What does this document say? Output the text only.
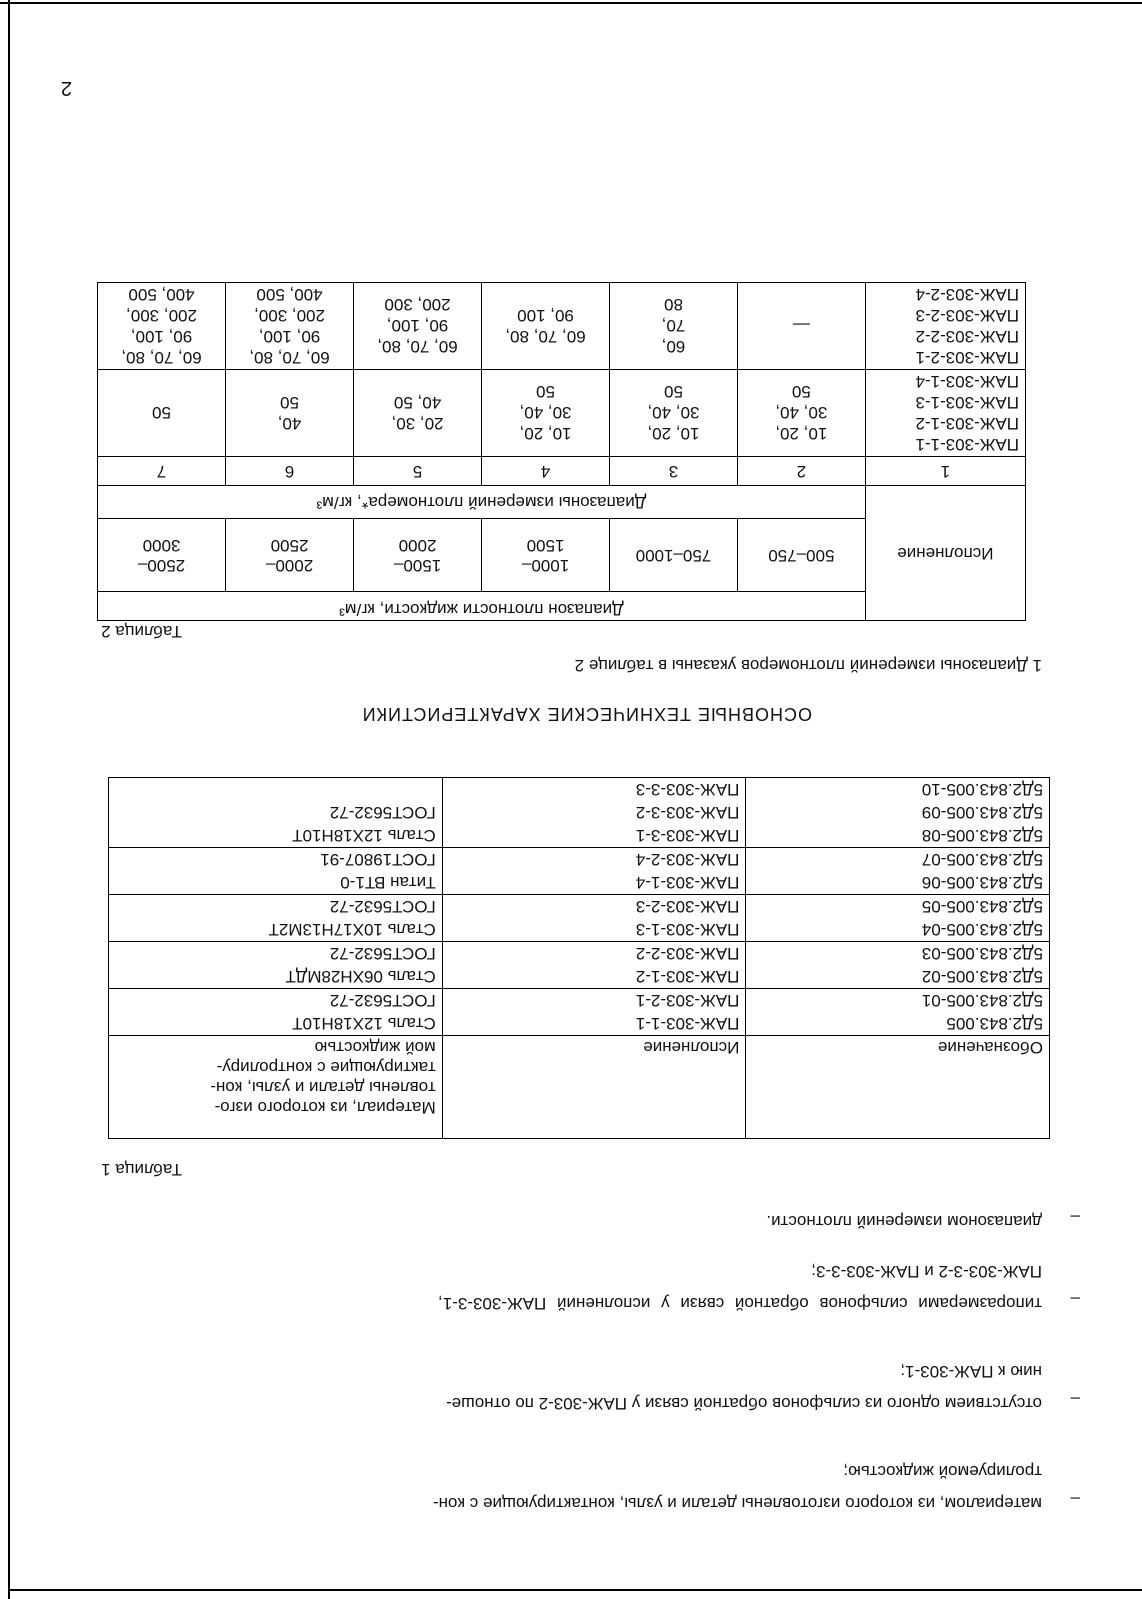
–
материалом, из которого изготовлены детали и узлы, контактирующие с кон-
тролируемой жидкостью;
–
отсутствием одного из сильфонов обратной связи у ПАЖ-303-2 по отноше-
нию к ПАЖ-303-1;
–
типоразмерами сильфонов обратной связи у исполнений ПАЖ-303-3-1,
ПАЖ-303-3-2 и ПАЖ-303-3-3;
–
диапазоном измерений плотности.
Таблица 1
Обозначение	Исполнение	Материал, из которого изго-
товлены детали и узлы, кон-
тактирующие с контролиру-
мой жидкостью

5Д2.843.005	ПАЖ-303-1-1	Сталь 12Х18Н10Т
5Д2.843.005-01	ПАЖ-303-2-1	ГОСТ5632-72
5Д2.843.005-02	ПАЖ-303-1-2	Сталь 06ХН28МДТ
5Д2.843.005-03	ПАЖ-303-2-2	ГОСТ5632-72
5Д2.843.005-04	ПАЖ-303-1-3	Сталь 10Х17Н13М2Т
5Д2.843.005-05	ПАЖ-303-2-3	ГОСТ5632-72
5Д2.843.005-06	ПАЖ-303-1-4	Титан ВТ1-0
5Д2.843.005-07	ПАЖ-303-2-4	ГОСТ19807-91
5Д2.843.005-08	ПАЖ-303-3-1	Сталь 12Х18Н10Т
5Д2.843.005-09	ПАЖ-303-3-2	ГОСТ5632-72
5Д2.843.005-10	ПАЖ-303-3-3	
ОСНОВНЫЕ ТЕХНИЧЕСКИЕ ХАРАКТЕРИСТИКИ
1 Диапазоны измерений плотномеров указаны в таблице 2
Таблица 2
Исполнение	Диапазон плотности жидкости, кг/м³					
	500–750	750–1000	1000–
1500	1500–
2000	2000–
2500	2500–
3000
	Диапазоны измерений плотномера*, кг/м³					
1	2	3	4	5	6	7
ПАЖ-303-1-1
ПАЖ-303-1-2
ПАЖ-303-1-3
ПАЖ-303-1-4	10, 20,
30, 40,
50	10, 20,
30, 40,
50	10, 20,
30, 40,
50	20, 30,
40, 50	40,
50	50
ПАЖ-303-2-1
ПАЖ-303-2-2
ПАЖ-303-2-3
ПАЖ-303-2-4	—	60,
70,
80	60, 70, 80,
90, 100	60, 70, 80,
90, 100,
200, 300	60, 70, 80,
90, 100,
200, 300,
400, 500	60, 70, 80,
90, 100,
200, 300,
400, 500
2
